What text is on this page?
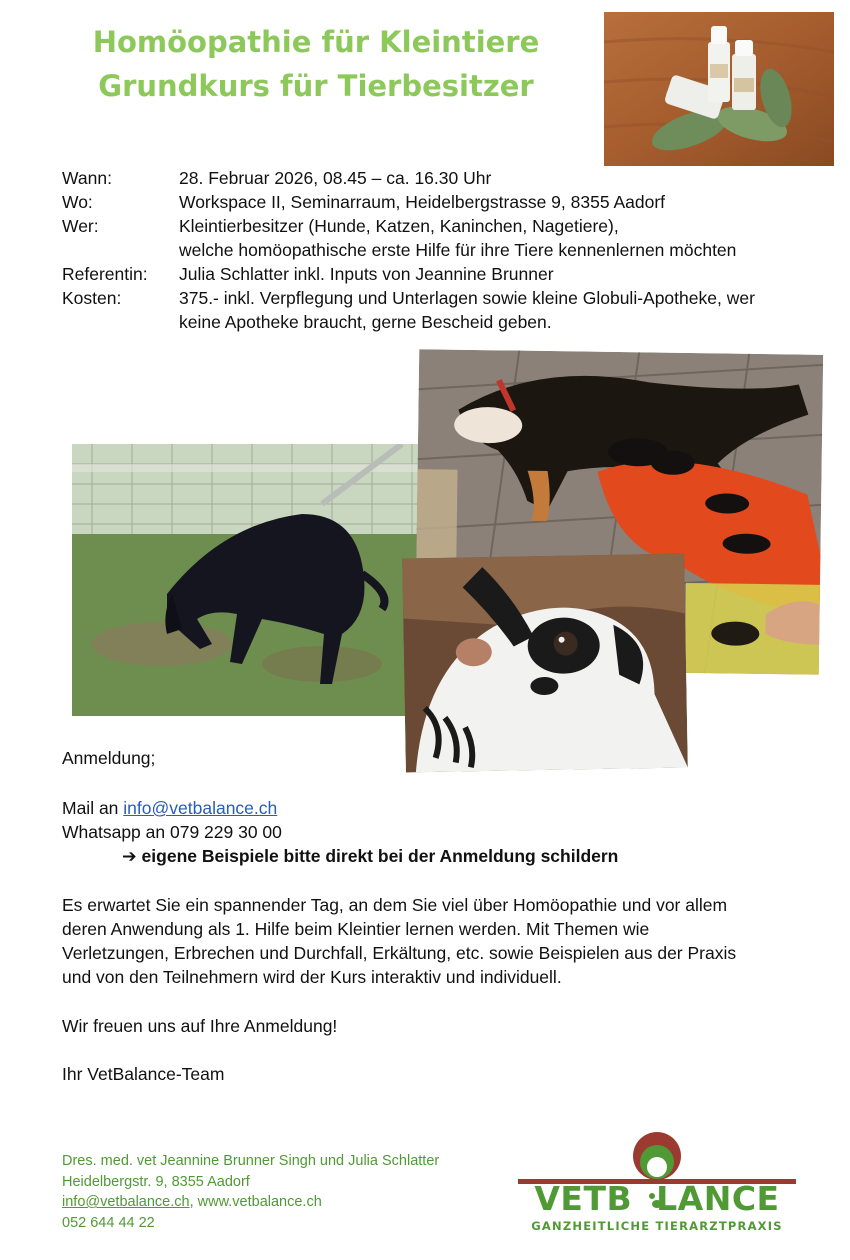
Homöopathie für Kleintiere
Grundkurs für Tierbesitzer
Wann:	28. Februar 2026, 08.45 – ca. 16.30 Uhr
Wo:	Workspace II, Seminarraum, Heidelbergstrasse 9, 8355 Aadorf
Wer:	Kleintierbesitzer (Hunde, Katzen, Kaninchen, Nagetiere),
welche homöopathische erste Hilfe für ihre Tiere kennenlernen möchten
Referentin:	Julia Schlatter inkl. Inputs von Jeannine Brunner
Kosten:	375.- inkl. Verpflegung und Unterlagen sowie kleine Globuli-Apotheke, wer
keine Apotheke braucht, gerne Bescheid geben.
Anmeldung;
Mail an info@vetbalance.ch
Whatsapp an 079 229 30 00
➔ eigene Beispiele bitte direkt bei der Anmeldung schildern
Es erwartet Sie ein spannender Tag, an dem Sie viel über Homöopathie und vor allem
deren Anwendung als 1. Hilfe beim Kleintier lernen werden. Mit Themen wie
Verletzungen, Erbrechen und Durchfall, Erkältung, etc. sowie Beispielen aus der Praxis
und von den Teilnehmern wird der Kurs interaktiv und individuell.
Wir freuen uns auf Ihre Anmeldung!
Ihr VetBalance-Team
Dres. med. vet Jeannine Brunner Singh und Julia Schlatter
Heidelbergstr. 9, 8355 Aadorf
info@vetbalance.ch, www.vetbalance.ch
052 644 44 22
VETB LANCE
GANZHEITLICHE TIERARZTPRAXIS
